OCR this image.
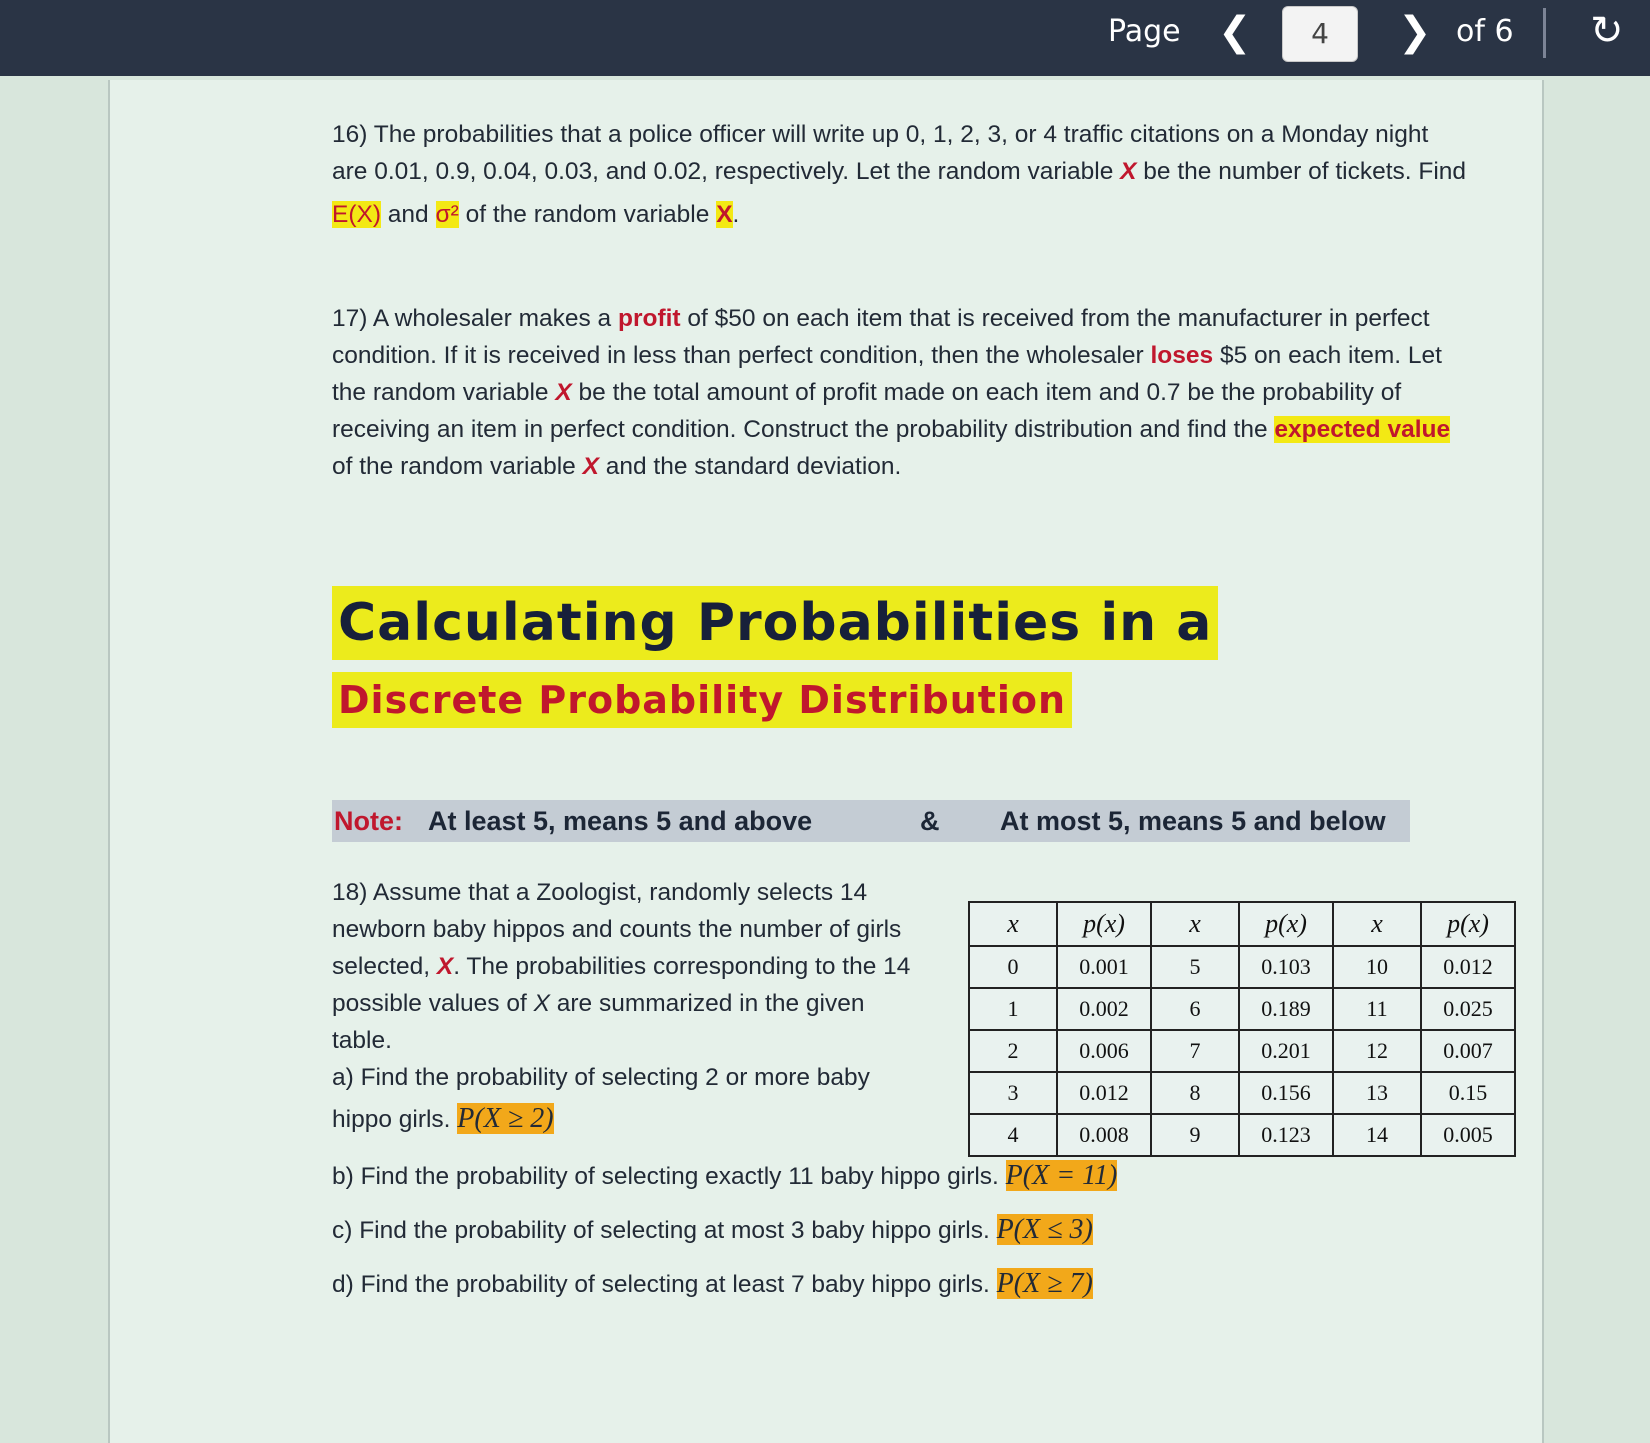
Page ❮	4	❯ of 6 ↻
16) The probabilities that a police officer will write up 0, 1, 2, 3, or 4 traffic citations on a Monday night
are 0.01, 0.9, 0.04, 0.03, and 0.02, respectively. Let the random variable X be the number of tickets. Find
E(X) and σ² of the random variable X.
17) A wholesaler makes a profit of $50 on each item that is received from the manufacturer in perfect
condition. If it is received in less than perfect condition, then the wholesaler loses $5 on each item. Let
the random variable X be the total amount of profit made on each item and 0.7 be the probability of
receiving an item in perfect condition. Construct the probability distribution and find the expected value
of the random variable X and the standard deviation.
Calculating Probabilities in a
Discrete Probability Distribution
Note: At least 5, means 5 and above	& At most 5, means 5 and below
18) Assume that a Zoologist, randomly selects 14
newborn baby hippos and counts the number of girls
selected, X. The probabilities corresponding to the 14
possible values of X are summarized in the given
table.
a) Find the probability of selecting 2 or more baby
hippo girls. P(X ≥ 2)
b) Find the probability of selecting exactly 11 baby hippo girls. P(X = 11)
c) Find the probability of selecting at most 3 baby hippo girls. P(X ≤ 3)
d) Find the probability of selecting at least 7 baby hippo girls. P(X ≥ 7)
x	p(x)	x	p(x)	x	p(x)
0	0.001	5	0.103	10	0.012
1	0.002	6	0.189	11	0.025
2	0.006	7	0.201	12	0.007
3	0.012	8	0.156	13	0.15
4	0.008	9	0.123	14	0.005
